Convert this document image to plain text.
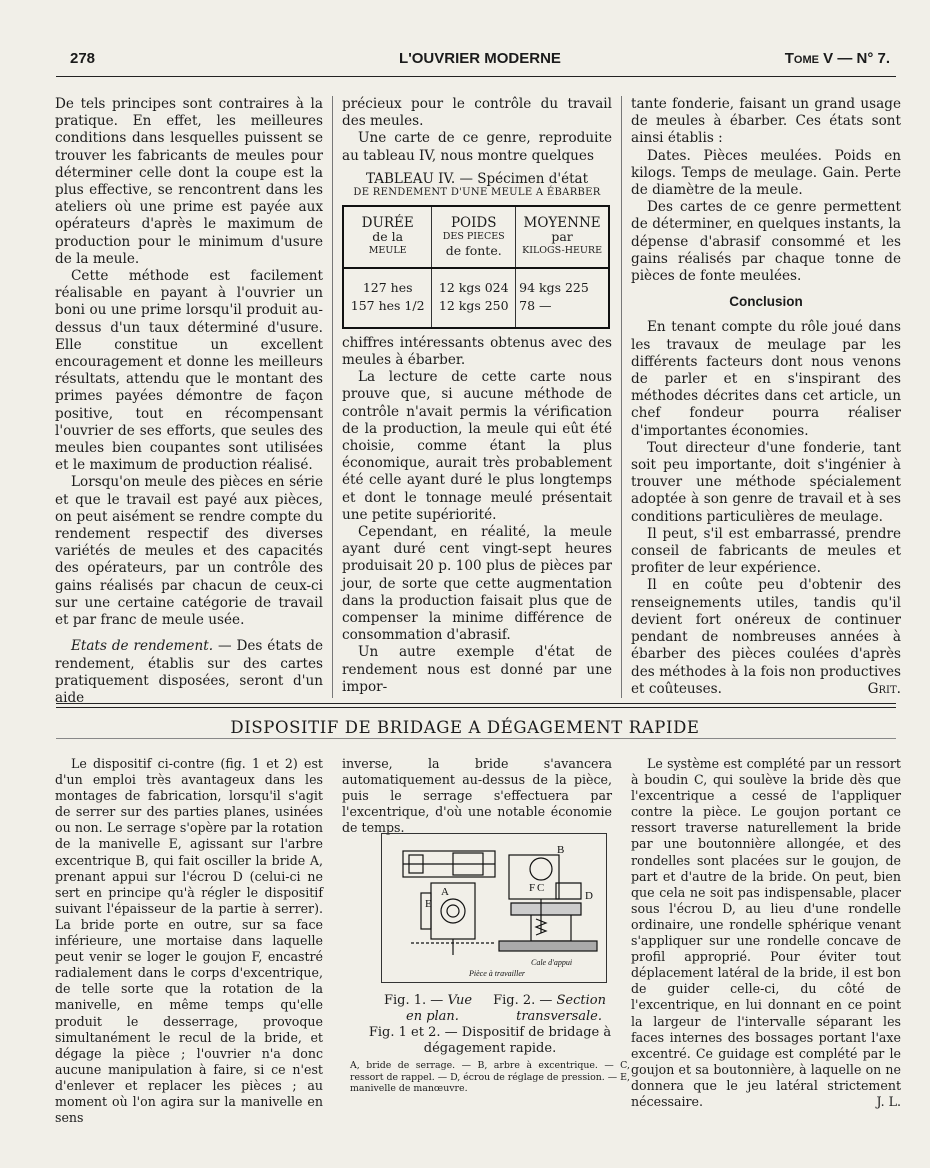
278	L'OUVRIER MODERNE	Tome V — N° 7.

De tels principes sont contraires à la pratique. En effet, les meilleures conditions dans lesquelles puissent se trouver les fabricants de meules pour déterminer celle dont la coupe est la plus effective, se rencontrent dans les ateliers où une prime est payée aux opérateurs d'après le maximum de production pour le minimum d'usure de la meule.

Cette méthode est facilement réalisable en payant à l'ouvrier un boni ou une prime lorsqu'il produit au-dessus d'un taux déterminé d'usure. Elle constitue un excellent encouragement et donne les meilleurs résultats, attendu que le montant des primes payées démontre de façon positive, tout en récompensant l'ouvrier de ses efforts, que seules des meules bien coupantes sont utilisées et le maximum de production réalisé.

Lorsqu'on meule des pièces en série et que le travail est payé aux pièces, on peut aisément se rendre compte du rendement respectif des diverses variétés de meules et des capacités des opérateurs, par un contrôle des gains réalisés par chacun de ceux-ci sur une certaine catégorie de travail et par franc de meule usée.

Etats de rendement. — Des états de rendement, établis sur des cartes pratiquement disposées, seront d'un aide

précieux pour le contrôle du travail des meules.

Une carte de ce genre, reproduite au tableau IV, nous montre quelques

TABLEAU IV. — Spécimen d'état
DE RENDEMENT D'UNE MEULE A ÉBARBER
DURÉE
de la
MEULE	POIDS
DES PIECES
de fonte.	MOYENNE
par
KILOGS-HEURE

127 hes	12 kgs 024	94 kgs 225
157 hes 1/2	12 kgs 250	78 —

chiffres intéressants obtenus avec des meules à ébarber.

La lecture de cette carte nous prouve que, si aucune méthode de contrôle n'avait permis la vérification de la production, la meule qui eût été choisie, comme étant la plus économique, aurait très probablement été celle ayant duré le plus longtemps et dont le tonnage meulé présentait une petite supériorité.

Cependant, en réalité, la meule ayant duré cent vingt-sept heures produisait 20 p. 100 plus de pièces par jour, de sorte que cette augmentation dans la production faisait plus que de compenser la minime différence de consommation d'abrasif.

Un autre exemple d'état de rendement nous est donné par une impor-

tante fonderie, faisant un grand usage de meules à ébarber. Ces états sont ainsi établis :

Dates. Pièces meulées. Poids en kilogs. Temps de meulage. Gain. Perte de diamètre de la meule.

Des cartes de ce genre permettent de déterminer, en quelques instants, la dépense d'abrasif consommé et les gains réalisés par chaque tonne de pièces de fonte meulées.

Conclusion

En tenant compte du rôle joué dans les travaux de meulage par les différents facteurs dont nous venons de parler et en s'inspirant des méthodes décrites dans cet article, un chef fondeur pourra réaliser d'importantes économies.

Tout directeur d'une fonderie, tant soit peu importante, doit s'ingénier à trouver une méthode spécialement adoptée à son genre de travail et à ses conditions particulières de meulage.

Il peut, s'il est embarrassé, prendre conseil de fabricants de meules et profiter de leur expérience.

Il en coûte peu d'obtenir des renseignements utiles, tandis qu'il devient fort onéreux de continuer pendant de nombreuses années à ébarber des pièces coulées d'après des méthodes à la fois non productives et coûteuses.	Grit.

DISPOSITIF DE BRIDAGE A DÉGAGEMENT RAPIDE

Le dispositif ci-contre (fig. 1 et 2) est d'un emploi très avantageux dans les montages de fabrication, lorsqu'il s'agit de serrer sur des parties planes, usinées ou non. Le serrage s'opère par la rotation de la manivelle E, agissant sur l'arbre excentrique B, qui fait osciller la bride A, prenant appui sur l'écrou D (celui-ci ne sert en principe qu'à régler le dispositif suivant l'épaisseur de la partie à serrer). La bride porte en outre, sur sa face inférieure, une mortaise dans laquelle peut venir se loger le goujon F, encastré radialement dans le corps d'excentrique, de telle sorte que la rotation de la manivelle, en même temps qu'elle produit le desserrage, provoque simultanément le recul de la bride, et dégage la pièce ; l'ouvrier n'a donc aucune manipulation à faire, si ce n'est d'enlever et replacer les pièces ; au moment où l'on agira sur la manivelle en sens

inverse, la bride s'avancera automatiquement au-dessus de la pièce, puis le serrage s'effectuera par l'excentrique, d'où une notable économie de temps.

B
A
E
F C
D
Cale d'appui
Pièce à travailler
Fig. 1. — Vue Fig. 2. — Section
en plan.	transversale.
Fig. 1 et 2. — Dispositif de bridage à dégagement rapide.
A, bride de serrage. — B, arbre à excentrique. — C, ressort de rappel. — D, écrou de réglage de pression. — E, manivelle de manœuvre.

Le système est complété par un ressort à boudin C, qui soulève la bride dès que l'excentrique a cessé de l'appliquer contre la pièce. Le goujon portant ce ressort traverse naturellement la bride par une boutonnière allongée, et des rondelles sont placées sur le goujon, de part et d'autre de la bride. On peut, bien que cela ne soit pas indispensable, placer sous l'écrou D, au lieu d'une rondelle ordinaire, une rondelle sphérique venant s'appliquer sur une rondelle concave de profil approprié. Pour éviter tout déplacement latéral de la bride, il est bon de guider celle-ci, du côté de l'excentrique, en lui donnant en ce point la largeur de l'intervalle séparant les faces internes des bossages portant l'axe excentré. Ce guidage est complété par le goujon et sa boutonnière, à laquelle on ne donnera que le jeu latéral strictement nécessaire.	J. L.
